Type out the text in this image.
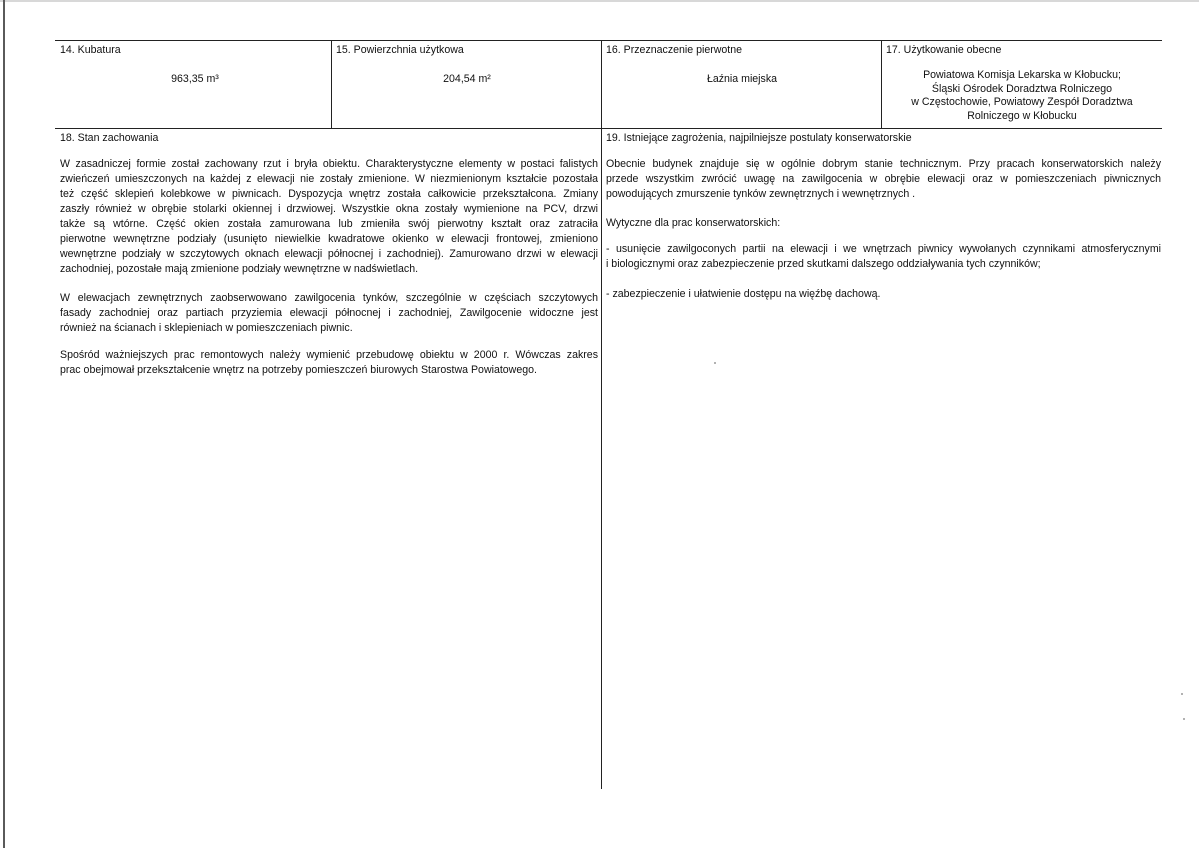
14. Kubatura
963,35 m³
15. Powierzchnia użytkowa
204,54 m²
16. Przeznaczenie pierwotne
Łaźnia miejska
17. Użytkowanie obecne
Powiatowa Komisja Lekarska w Kłobucku;
Śląski Ośrodek Doradztwa Rolniczego
w Częstochowie, Powiatowy Zespół Doradztwa
Rolniczego w Kłobucku
18. Stan zachowania
W zasadniczej formie został zachowany rzut i bryła obiektu. Charakterystyczne elementy w postaci falistych
zwieńczeń umieszczonych na każdej z elewacji nie zostały zmienione. W niezmienionym kształcie pozostała
też część sklepień kolebkowe w piwnicach. Dyspozycja wnętrz została całkowicie przekształcona. Zmiany
zaszły również w obrębie stolarki okiennej i drzwiowej. Wszystkie okna zostały wymienione na PCV, drzwi
także są wtórne. Część okien została zamurowana lub zmieniła swój pierwotny kształt oraz zatraciła
pierwotne wewnętrzne podziały (usunięto niewielkie kwadratowe okienko w elewacji frontowej, zmieniono
wewnętrzne podziały w szczytowych oknach elewacji północnej i zachodniej). Zamurowano drzwi w elewacji
zachodniej, pozostałe mają zmienione podziały wewnętrzne w nadświetlach.
W elewacjach zewnętrznych zaobserwowano zawilgocenia tynków, szczególnie w częściach szczytowych
fasady zachodniej oraz partiach przyziemia elewacji północnej i zachodniej, Zawilgocenie widoczne jest
również na ścianach i sklepieniach w pomieszczeniach piwnic.
Spośród ważniejszych prac remontowych należy wymienić przebudowę obiektu w 2000 r. Wówczas zakres
prac obejmował przekształcenie wnętrz na potrzeby pomieszczeń biurowych Starostwa Powiatowego.
19. Istniejące zagrożenia, najpilniejsze postulaty konserwatorskie
Obecnie budynek znajduje się w ogólnie dobrym stanie technicznym. Przy pracach konserwatorskich należy
przede wszystkim zwrócić uwagę na zawilgocenia w obrębie elewacji oraz w pomieszczeniach piwnicznych
powodujących zmurszenie tynków zewnętrznych i wewnętrznych .
Wytyczne dla prac konserwatorskich:
- usunięcie zawilgoconych partii na elewacji i we wnętrzach piwnicy wywołanych czynnikami atmosferycznymi
i biologicznymi oraz zabezpieczenie przed skutkami dalszego oddziaływania tych czynników;
- zabezpieczenie i ułatwienie dostępu na więźbę dachową.
